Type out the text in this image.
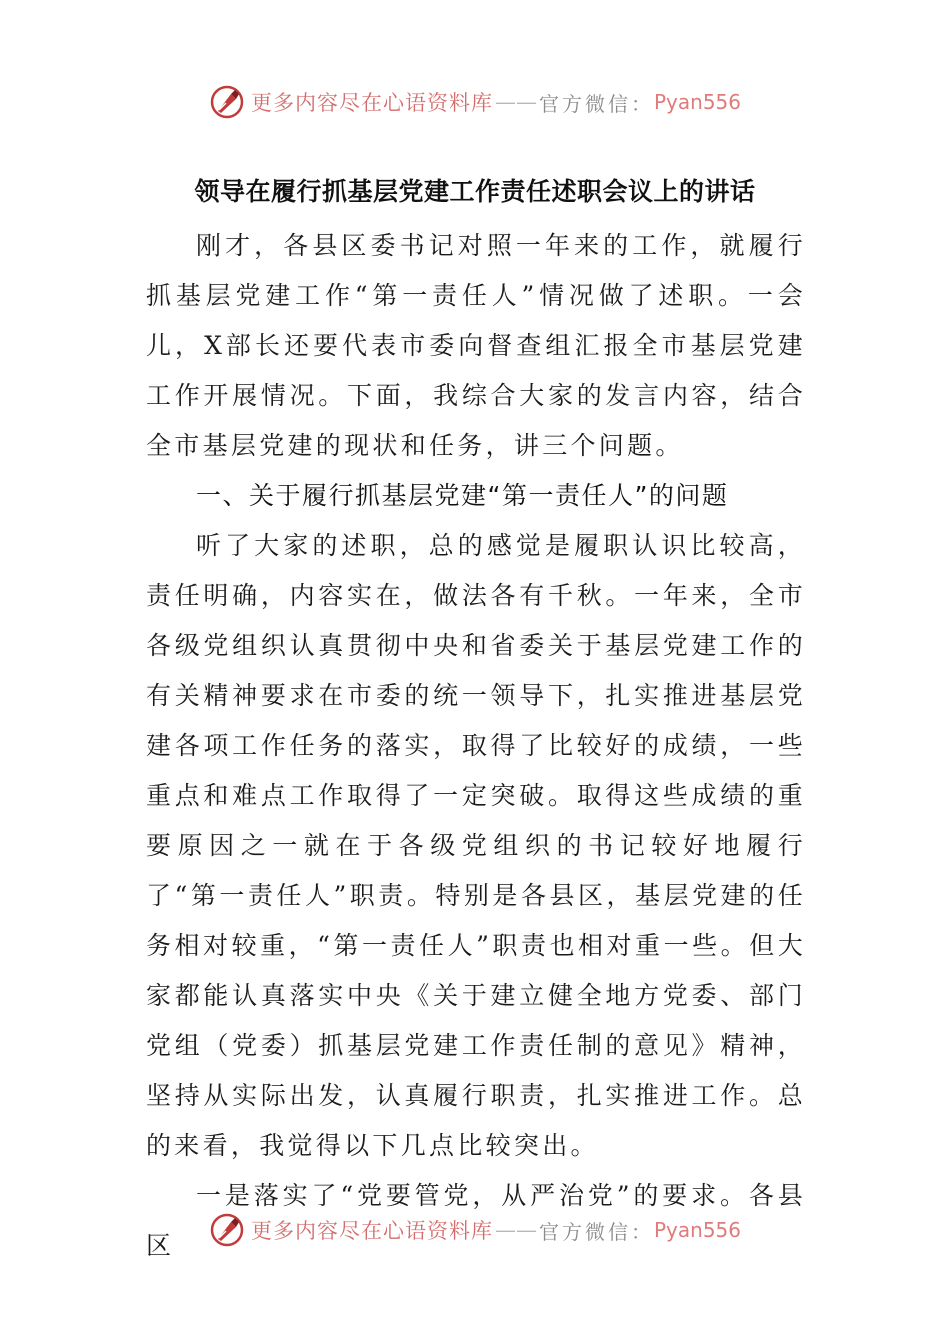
更多内容尽在心语资料库 —— 官方微信： Pyan556
领导在履行抓基层党建工作责任述职会议上的讲话

刚才，各县区委书记对照一年来的工作，就履行抓基层党建工作“第一责任人”情况做了述职。一会儿，X部长还要代表市委向督查组汇报全市基层党建工作开展情况。下面，我综合大家的发言内容，结合全市基层党建的现状和任务，讲三个问题。

一、关于履行抓基层党建“第一责任人”的问题

听了大家的述职，总的感觉是履职认识比较高，责任明确，内容实在，做法各有千秋。一年来，全市各级党组织认真贯彻中央和省委关于基层党建工作的有关精神要求在市委的统一领导下，扎实推进基层党建各项工作任务的落实，取得了比较好的成绩，一些重点和难点工作取得了一定突破。取得这些成绩的重要原因之一就在于各级党组织的书记较好地履行了“第一责任人”职责。特别是各县区，基层党建的任务相对较重，“第一责任人”职责也相对重一些。但大家都能认真落实中央《关于建立健全地方党委、部门党组（党委）抓基层党建工作责任制的意见》精神，坚持从实际出发，认真履行职责，扎实推进工作。总的来看，我觉得以下几点比较突出。

一是落实了“党要管党，从严治党”的要求。各县区	更多内容尽在心语资料库 —— 官方微信： Pyan556
